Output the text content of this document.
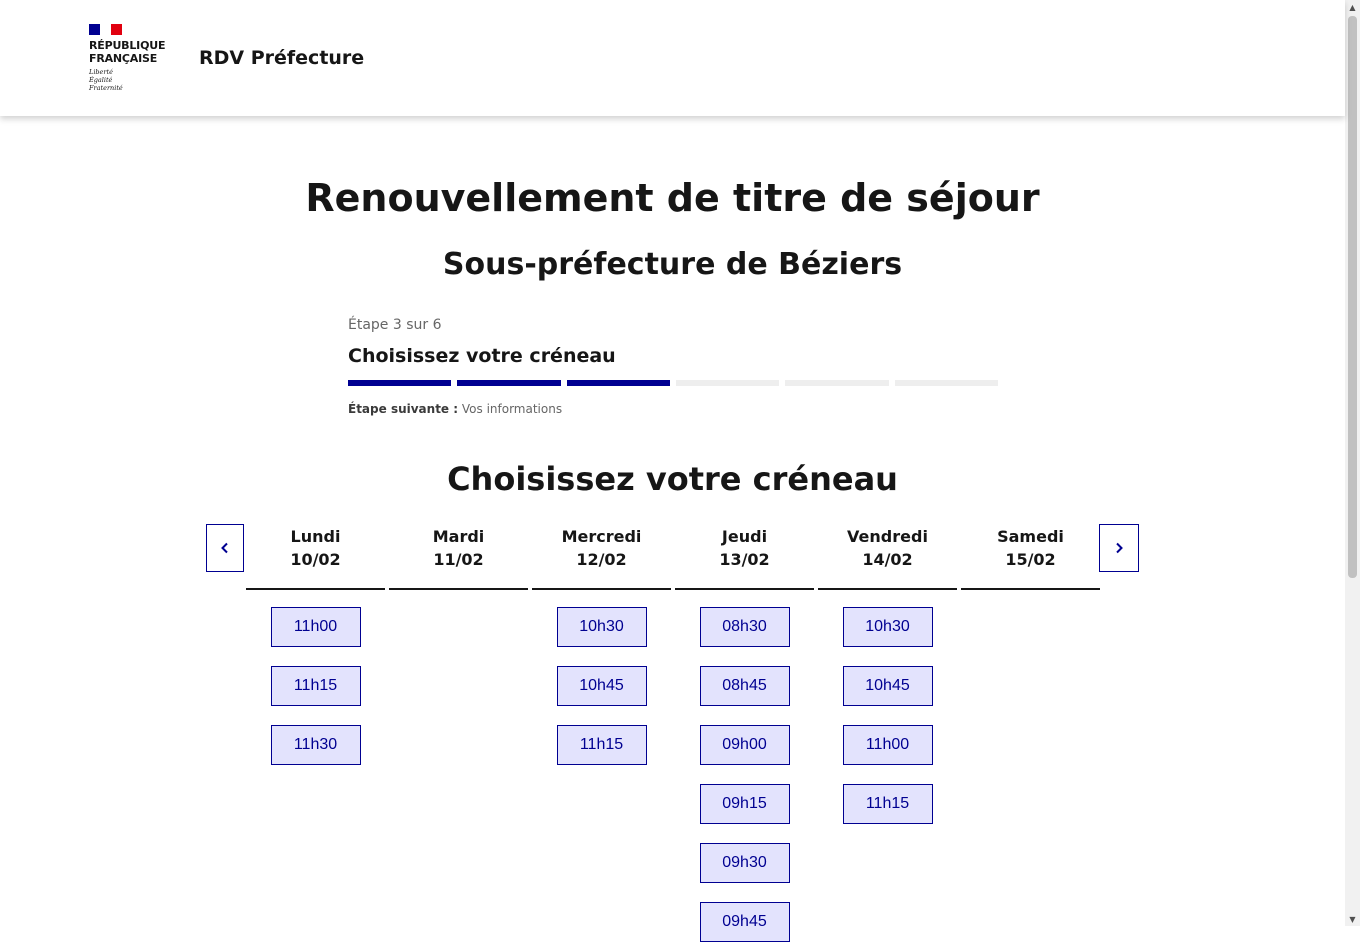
RÉPUBLIQUE
FRANÇAISE
Liberté
Égalité
Fraternité
RDV Préfecture
Renouvellement de titre de séjour
Sous-préfecture de Béziers
Étape 3 sur 6
Choisissez votre créneau
Étape suivante : Vos informations
Choisissez votre créneau
Lundi
10/02
11h00
11h15
11h30
Mardi
11/02
Mercredi
12/02
10h30
10h45
11h15
Jeudi
13/02
08h30
08h45
09h00
09h15
09h30
09h45
Vendredi
14/02
10h30
10h45
11h00
11h15
Samedi
15/02
▲
▼
